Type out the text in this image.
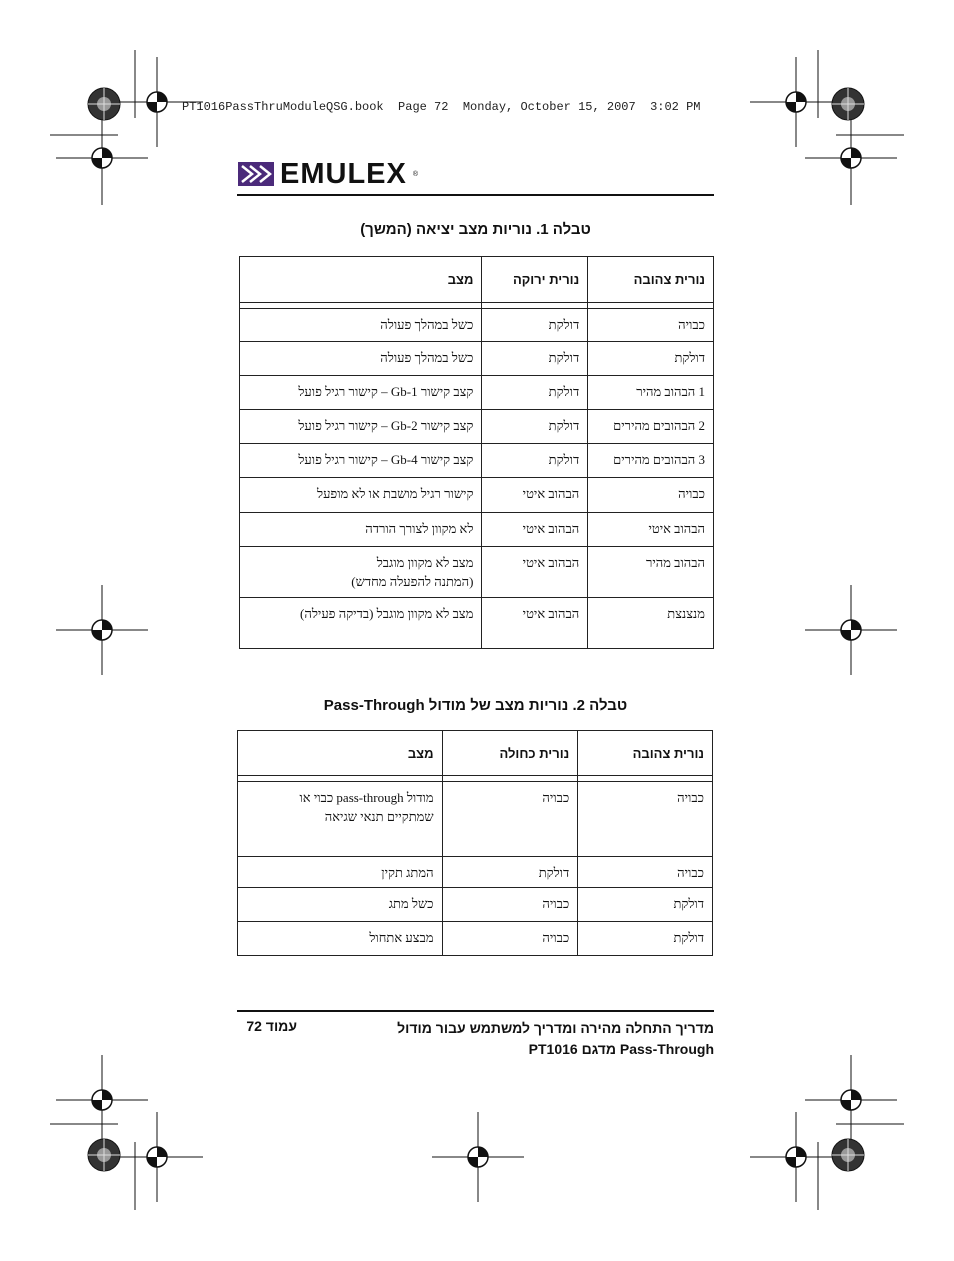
PT1016PassThruModuleQSG.book  Page 72  Monday, October 15, 2007  3:02 PM
EMULEX ®
טבלה 1. נוריות מצב יציאה (המשך)
נורית צהובה	נורית ירוקה	מצב

כבויה	דולקת	כשל במהלך פעולה
דולקת	דולקת	כשל במהלך פעולה
1 הבהוב מהיר	דולקת	קצב קישור 1-Gb – קישור רגיל פועל
2 הבהובים מהירים	דולקת	קצב קישור 2-Gb – קישור רגיל פועל
3 הבהובים מהירים	דולקת	קצב קישור 4-Gb – קישור רגיל פועל
כבויה	הבהוב איטי	קישור רגיל מושבת או לא מופעל
הבהוב איטי	הבהוב איטי	לא מקוון לצורך הורדה
הבהוב מהיר	הבהוב איטי	מצב לא מקוון מוגבל
(המתנה להפעלה מחדש)

מנצנצת	הבהוב איטי	מצב לא מקוון מוגבל (בדיקה פעילה)
טבלה 2. נוריות מצב של מודול Pass-Through
נורית צהובה	נורית כחולה	מצב

כבויה	כבויה	מודול pass-through כבוי או
שמתקיים תנאי שגיאה

כבויה	דולקת	המתג תקין
דולקת	כבויה	כשל מתג
דולקת	כבויה	מבצע אתחול
מדריך התחלה מהירה ומדריך למשתמש עבור מודול
Pass-Through מדגם PT1016
עמוד 72
